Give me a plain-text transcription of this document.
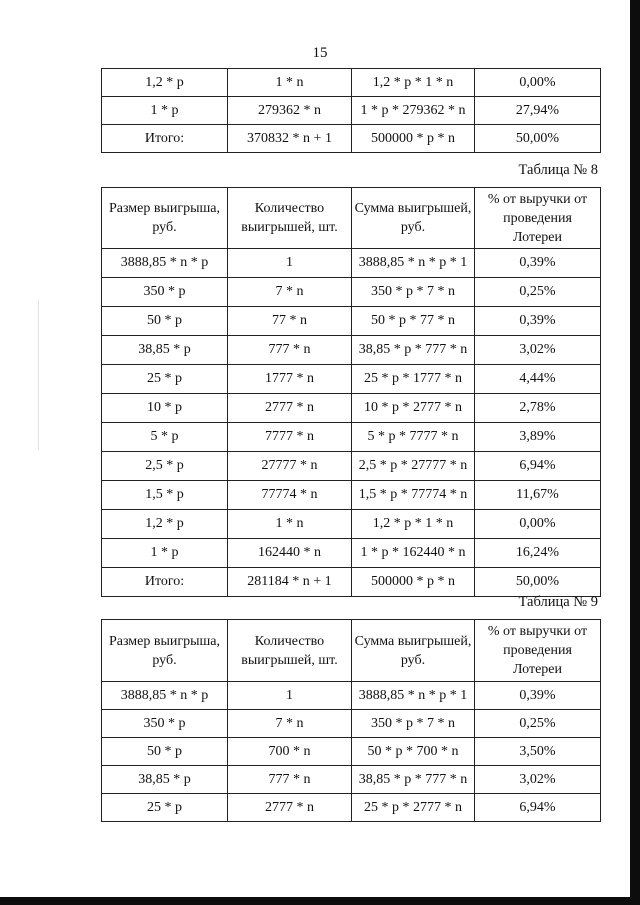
15
1,2 * p	1 * n	1,2 * p * 1 * n	0,00%
1 * p	279362 * n	1 * p * 279362 * n	27,94%
Итого:	370832 * n + 1	500000 * p * n	50,00%
Таблица № 8
Размер выигрыша, руб.	Количество выигрышей, шт.	Сумма выигрышей, руб.	% от выручки от проведения Лотереи
3888,85 * n * p	1	3888,85 * n * p * 1	0,39%
350 * p	7 * n	350 * p * 7 * n	0,25%
50 * p	77 * n	50 * p * 77 * n	0,39%
38,85 * p	777 * n	38,85 * p * 777 * n	3,02%
25 * p	1777 * n	25 * p * 1777 * n	4,44%
10 * p	2777 * n	10 * p * 2777 * n	2,78%
5 * p	7777 * n	5 * p * 7777 * n	3,89%
2,5 * p	27777 * n	2,5 * p * 27777 * n	6,94%
1,5 * p	77774 * n	1,5 * p * 77774 * n	11,67%
1,2 * p	1 * n	1,2 * p * 1 * n	0,00%
1 * p	162440 * n	1 * p * 162440 * n	16,24%
Итого:	281184 * n + 1	500000 * p * n	50,00%
Таблица № 9
Размер выигрыша, руб.	Количество выигрышей, шт.	Сумма выигрышей, руб.	% от выручки от проведения Лотереи
3888,85 * n * p	1	3888,85 * n * p * 1	0,39%
350 * p	7 * n	350 * p * 7 * n	0,25%
50 * p	700 * n	50 * p * 700 * n	3,50%
38,85 * p	777 * n	38,85 * p * 777 * n	3,02%
25 * p	2777 * n	25 * p * 2777 * n	6,94%
